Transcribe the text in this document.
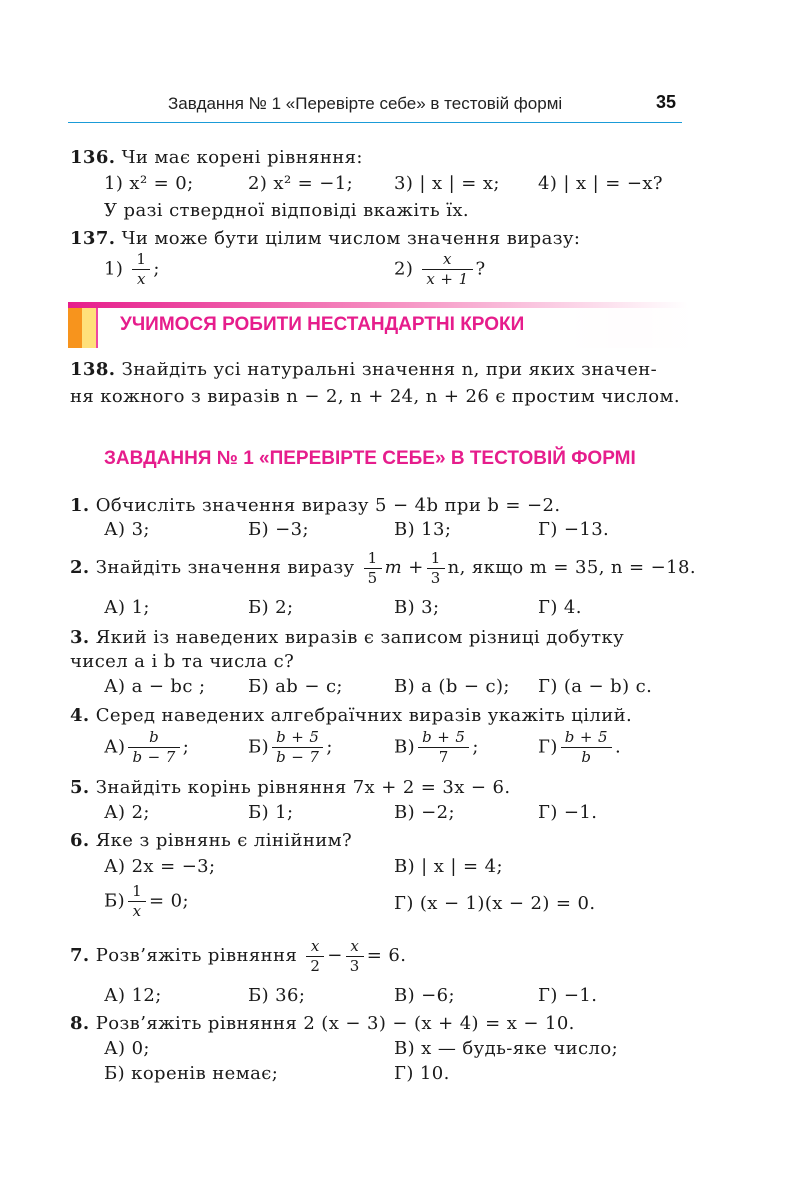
Завдання № 1 «Перевірте себе» в тестовій формі	35
136. Чи має корені рівняння:
1) x² = 0;	2) x² = −1; 3) | x | = x; 4) | x | = −x?
У разі ствердної відповіді вкажіть їх.
137. Чи може бути цілим числом значення виразу:
$1) \frac{1}{x}$ ;	$2) \frac{x}{x + 1}$ ?
УЧИМОСЯ РОБИТИ НЕСТАНДАРТНІ КРОКИ
138. Знайдіть усі натуральні значення n, при яких значен-
ня кожного з виразів n − 2, n + 24, n + 26 є простим числом.
ЗАВДАННЯ № 1 «ПЕРЕВІРТЕ СЕБЕ» В ТЕСТОВІЙ ФОРМІ
1. Обчисліть значення виразу 5 − 4b при b = −2.
А) 3;	Б) −3;	В) 13;	Г) −13.
2. Знайдіть значення виразу $\frac{1}{5}$ $m + \frac{1}{3} n$, якщо m = 35, n = −18.
А) 1;	Б) 2;	В) 3;	Г) 4.
3. Який із наведених виразів є записом різниці добутку
чисел a і b та числа c?
А) a − bc ; Б) ab − c;	В) a (b − c); Г) (a − b) c.
4. Серед наведених алгебраїчних виразів укажіть цілий.
$А) \frac{b}{b - 7}$ ;	$Б) \frac{b + 5}{b - 7}$ ;	$В) \frac{b + 5}{7}$ ;	$Г) \frac{b + 5}{b}$ .
5. Знайдіть корінь рівняння 7x + 2 = 3x − 6.
А) 2;	Б) 1;	В) −2;	Г) −1.
6. Яке з рівнянь є лінійним?
А) 2x = −3;	В) | x | = 4;
$Б) \frac{1}{x} = 0$;	Г) (x − 1)(x − 2) = 0.
7. Розв’яжіть рівняння $\frac{x}{2} - \frac{x}{3} = 6$.
А) 12;	Б) 36;	В) −6;	Г) −1.
8. Розв’яжіть рівняння 2 (x − 3) − (x + 4) = x − 10.
А) 0;	В) x — будь-яке число;
Б) коренів немає;	Г) 10.
